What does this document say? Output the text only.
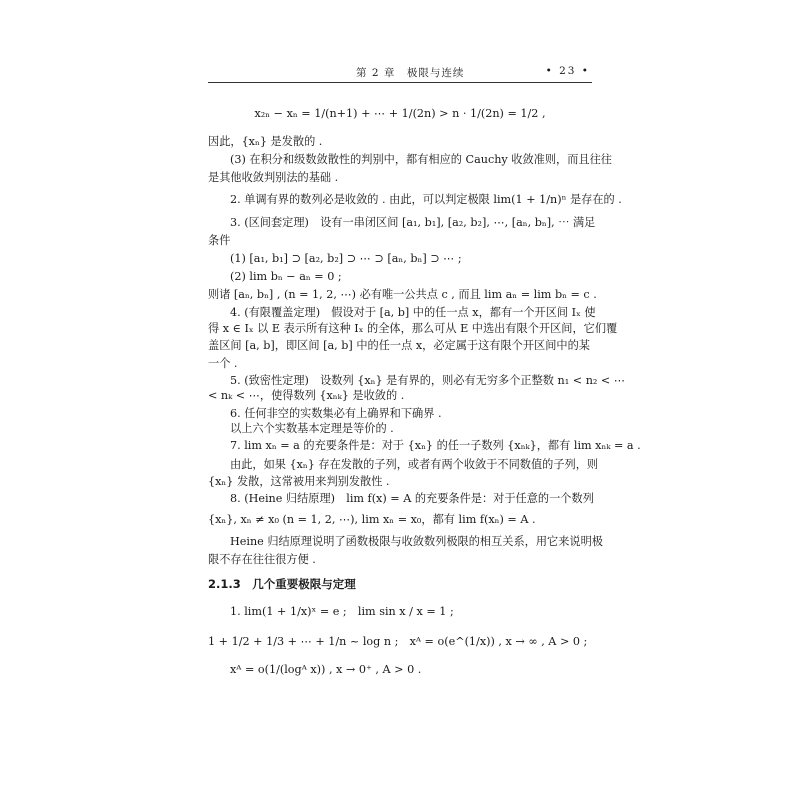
第 2 章　极限与连续	• 23 •
x₂ₙ − xₙ = 1/(n+1) + ⋯ + 1/(2n) > n · 1/(2n) = 1/2 ,
因此，{xₙ} 是发散的 .
(3) 在积分和级数敛散性的判别中，都有相应的 Cauchy 收敛准则，而且往往
是其他收敛判别法的基础 .
2. 单调有界的数列必是收敛的 . 由此，可以判定极限 lim(1 + 1/n)ⁿ 是存在的 .
3. (区间套定理)　设有一串闭区间 [a₁, b₁], [a₂, b₂], ⋯, [aₙ, bₙ], ⋯ 满足
条件
(1) [a₁, b₁] ⊃ [a₂, b₂] ⊃ ⋯ ⊃ [aₙ, bₙ] ⊃ ⋯ ;
(2) lim bₙ − aₙ = 0 ;
则诸 [aₙ, bₙ] , (n = 1, 2, ⋯) 必有唯一公共点 c , 而且 lim aₙ = lim bₙ = c .
4. (有限覆盖定理)　假设对于 [a, b] 中的任一点 x，都有一个开区间 Iₓ 使
得 x ∈ Iₓ 以 E 表示所有这种 Iₓ 的全体，那么可从 E 中选出有限个开区间，它们覆
盖区间 [a, b]，即区间 [a, b] 中的任一点 x，必定属于这有限个开区间中的某
一个 .
5. (致密性定理)　设数列 {xₙ} 是有界的，则必有无穷多个正整数 n₁ < n₂ < ⋯
< nₖ < ⋯，使得数列 {xₙₖ} 是收敛的 .
6. 任何非空的实数集必有上确界和下确界 .
以上六个实数基本定理是等价的 .
7. lim xₙ = a 的充要条件是：对于 {xₙ} 的任一子数列 {xₙₖ}，都有 lim xₙₖ = a .
由此，如果 {xₙ} 存在发散的子列，或者有两个收敛于不同数值的子列，则
{xₙ} 发散，这常被用来判别发散性 .
8. (Heine 归结原理)　lim f(x) = A 的充要条件是：对于任意的一个数列
{xₙ}, xₙ ≠ x₀ (n = 1, 2, ⋯), lim xₙ = x₀，都有 lim f(xₙ) = A .
Heine 归结原理说明了函数极限与收敛数列极限的相互关系，用它来说明极
限不存在往往很方便 .
2.1.3　几个重要极限与定理
1. lim(1 + 1/x)ˣ = e ;　lim sin x / x = 1 ;
1 + 1/2 + 1/3 + ⋯ + 1/n ~ log n ;　xᴬ = o(e^(1/x)) , x → ∞ , A > 0 ;
xᴬ = o(1/(logᴬ x)) , x → 0⁺ , A > 0 .
